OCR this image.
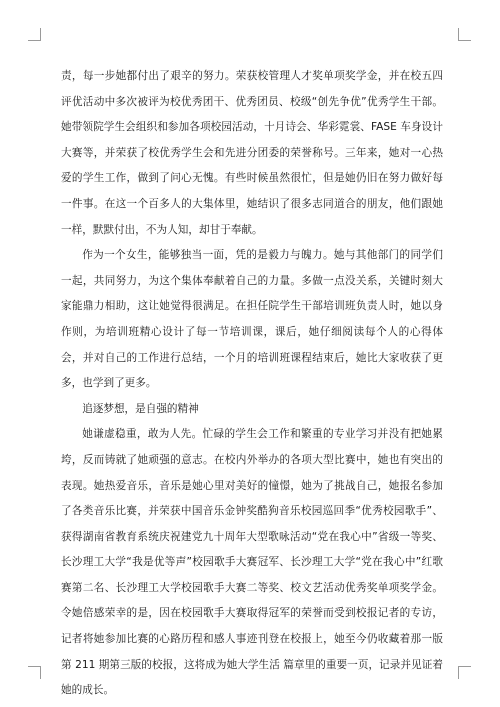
责，每一步她都付出了艰辛的努力。荣获校管理人才奖单项奖学金，并在校五四评优活动中多次被评为校优秀团干、优秀团员、校级“创先争优”优秀学生干部。她带领院学生会组织和参加各项校园活动，十月诗会、华彩霓裳、FASE 车身设计大赛等，并荣获了校优秀学生会和先进分团委的荣誉称号。三年来，她对一心热爱的学生工作，做到了问心无愧。有些时候虽然很忙，但是她仍旧在努力做好每一件事。在这一个百多人的大集体里，她结识了很多志同道合的朋友，他们跟她一样，默默付出，不为人知，却甘于奉献。

作为一个女生，能够独当一面，凭的是毅力与魄力。她与其他部门的同学们一起，共同努力，为这个集体奉献着自己的力量。多做一点没关系，关键时刻大家能鼎力相助，这让她觉得很满足。在担任院学生干部培训班负责人时，她以身作则，为培训班精心设计了每一节培训课，课后，她仔细阅读每个人的心得体会，并对自己的工作进行总结，一个月的培训班课程结束后，她比大家收获了更多，也学到了更多。

追逐梦想，是自强的精神

她谦虚稳重，敢为人先。忙碌的学生会工作和繁重的专业学习并没有把她累垮，反而铸就了她顽强的意志。在校内外举办的各项大型比赛中，她也有突出的表现。她热爱音乐，音乐是她心里对美好的憧憬，她为了挑战自己，她报名参加了各类音乐比赛，并荣获中国音乐金钟奖酷狗音乐校园巡回季“优秀校园歌手”、获得湖南省教育系统庆祝建党九十周年大型歌咏活动“党在我心中”省级一等奖、长沙理工大学“我是优等声”校园歌手大赛冠军、长沙理工大学“党在我心中”红歌赛第二名、长沙理工大学校园歌手大赛二等奖、校文艺活动优秀奖单项奖学金。令她倍感荣幸的是，因在校园歌手大赛取得冠军的荣誉而受到校报记者的专访，记者将她参加比赛的心路历程和感人事迹刊登在校报上，她至今仍收藏着那一版第 211 期第三版的校报，这将成为她大学生活 篇章里的重要一页，记录并见证着她的成长。
